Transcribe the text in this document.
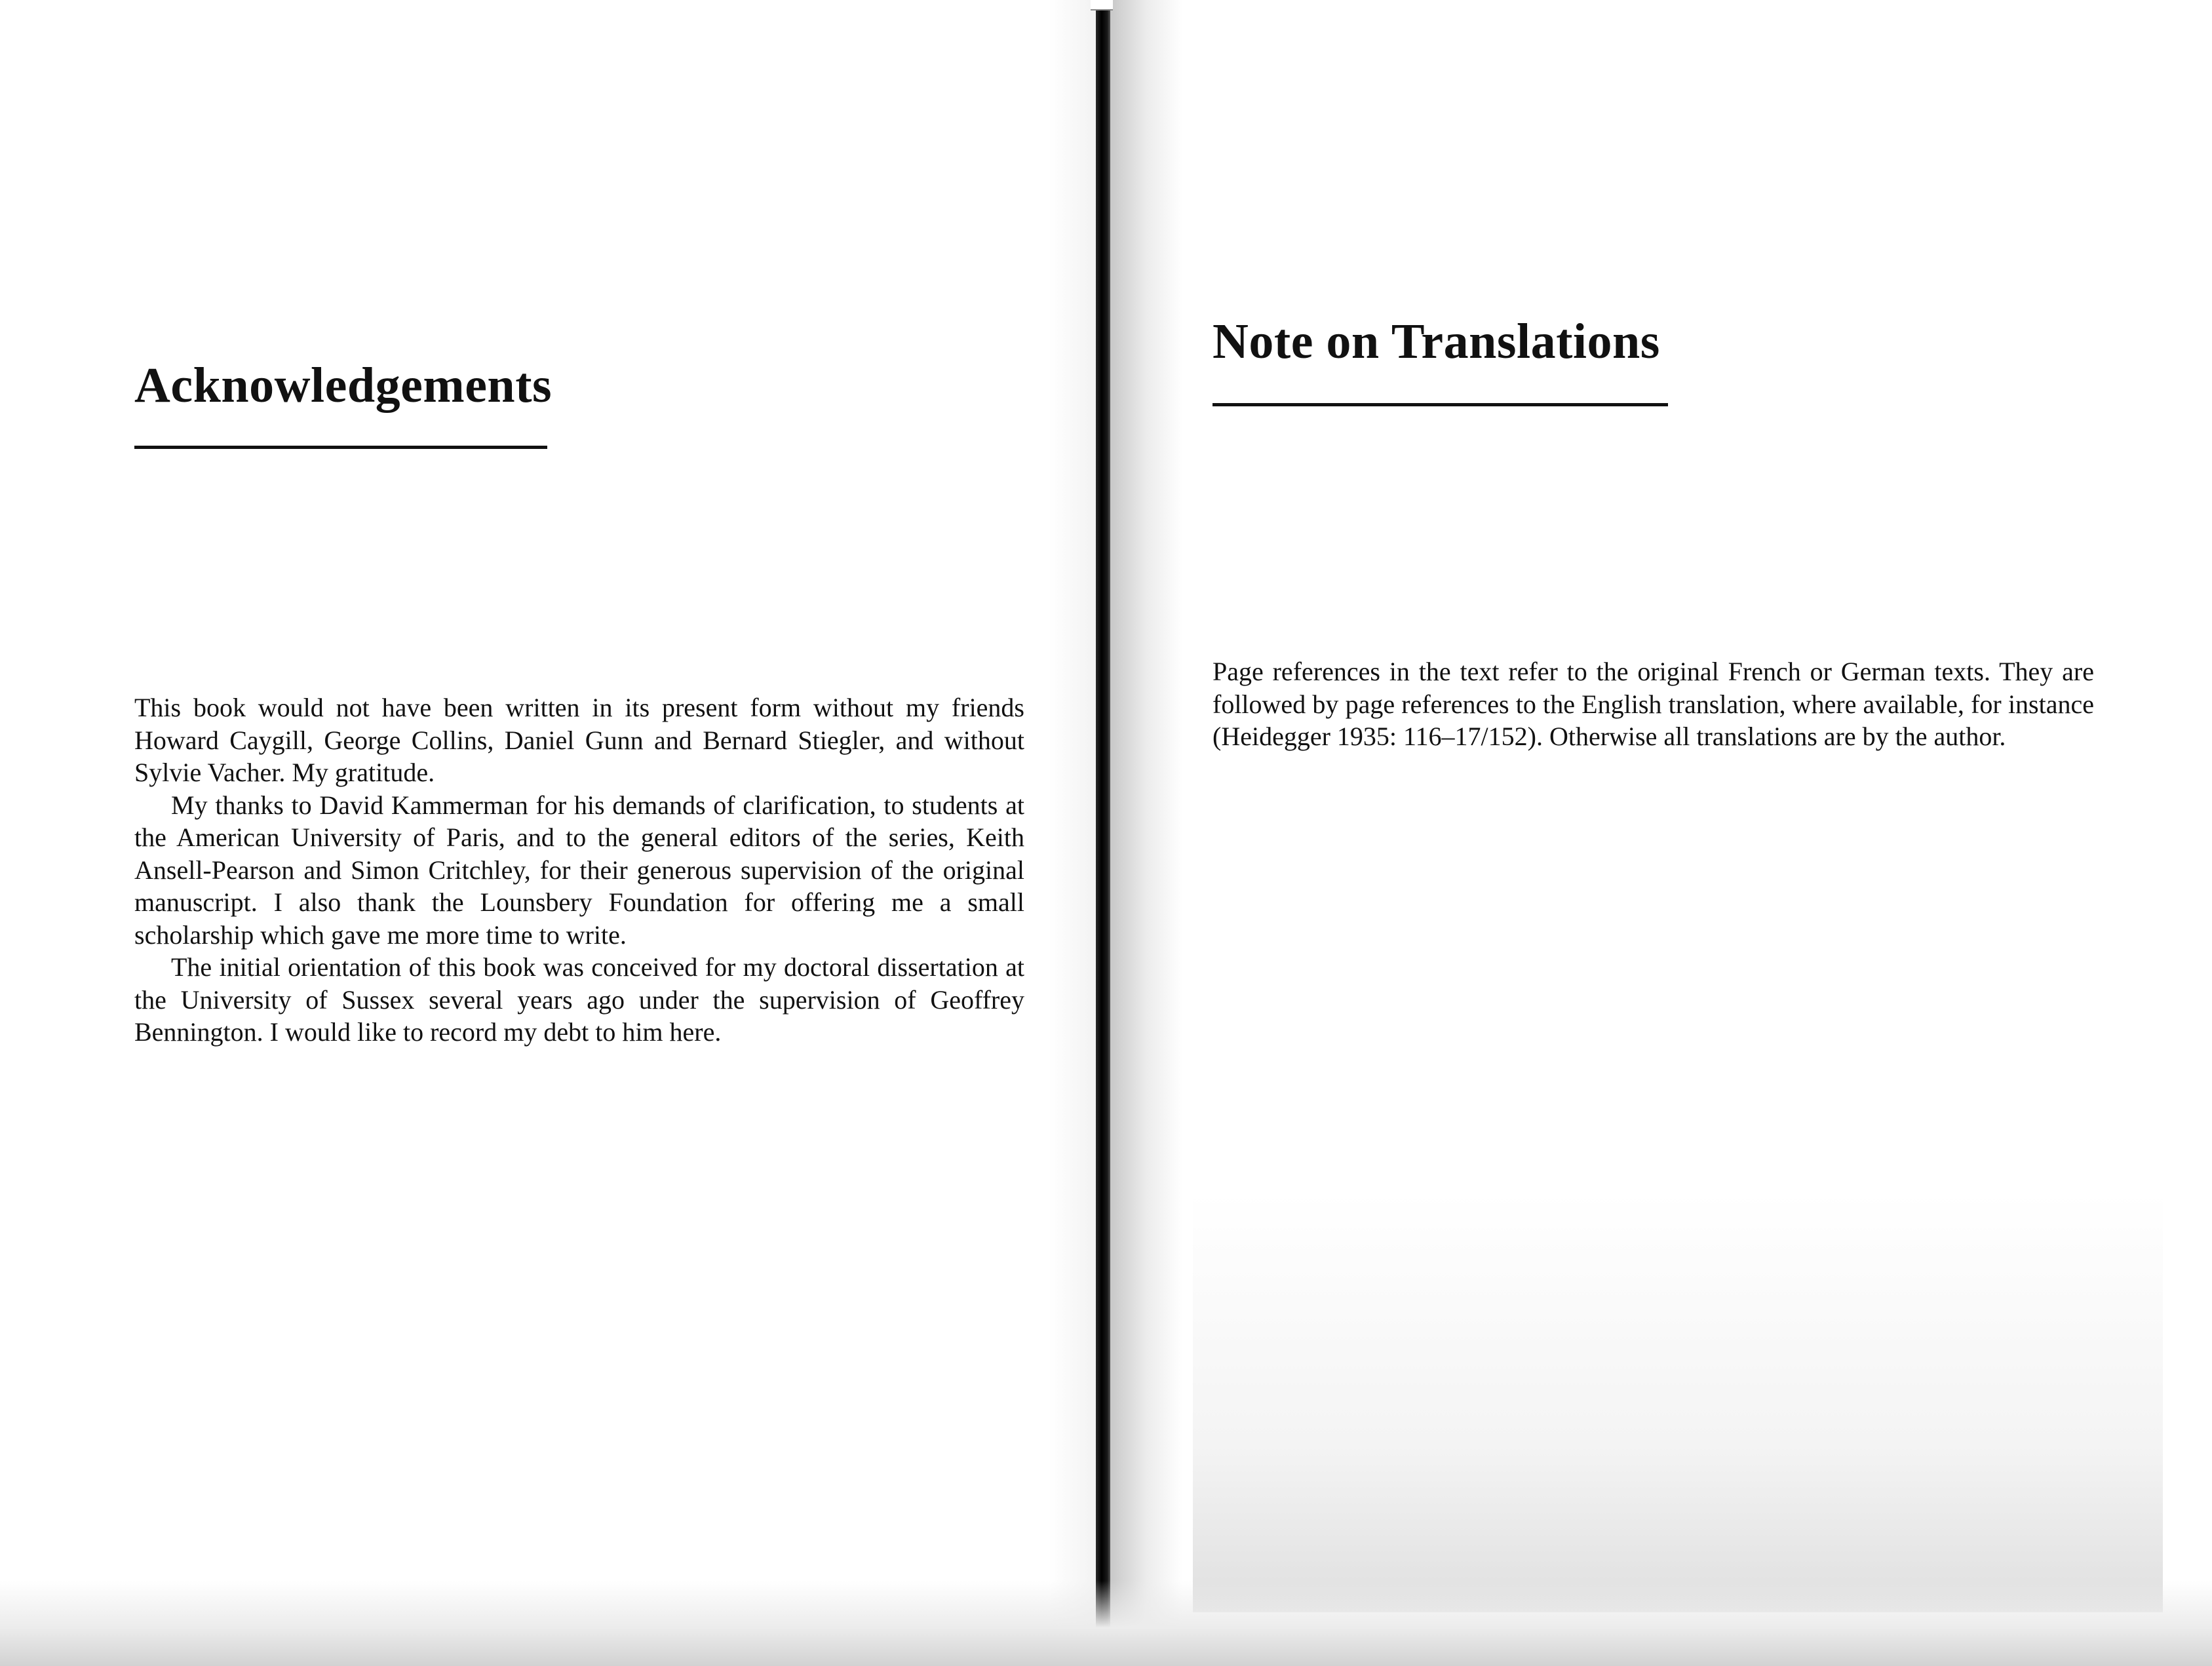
Acknowledgements

This book would not have been written in its present form without my friends Howard Caygill, George Collins, Daniel Gunn and Bernard Stiegler, and without Sylvie Vacher. My gratitude.

My thanks to David Kammerman for his demands of clarification, to students at the American University of Paris, and to the general editors of the series, Keith Ansell-Pearson and Simon Critchley, for their generous supervision of the original manuscript. I also thank the Lounsbery Foundation for offering me a small scholarship which gave me more time to write.

The initial orientation of this book was conceived for my doctoral dissertation at the University of Sussex several years ago under the supervision of Geoffrey Bennington. I would like to record my debt to him here.

Note on Translations

Page references in the text refer to the original French or German texts. They are followed by page references to the English translation, where available, for instance (Heidegger 1935: 116–17/152). Otherwise all translations are by the author.
